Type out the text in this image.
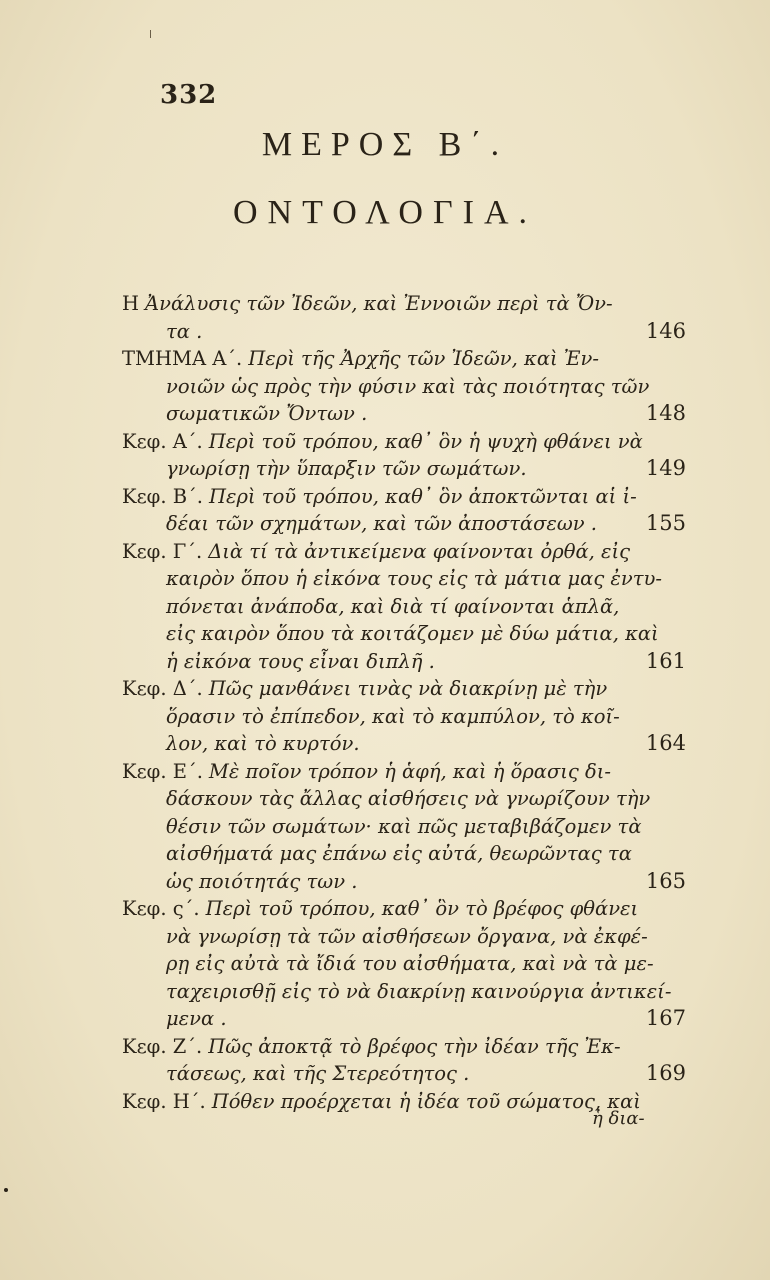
332
ΜΕΡΟΣ Β΄.
ΟΝΤΟΛΟΓΙΑ.
Η Ἀνάλυσις τῶν Ἰδεῶν, καὶ Ἐννοιῶν περὶ τὰ Ὄν-
τα .	146
ΤΜΗΜΑ Α΄. Περὶ τῆς Ἀρχῆς τῶν Ἰδεῶν, καὶ Ἐν-
νοιῶν ὡς πρὸς τὴν φύσιν καὶ τὰς ποιότητας τῶν
σωματικῶν Ὄντων .	148
Κεφ. Α΄. Περὶ τοῦ τρόπου, καθ᾽ ὃν ἡ ψυχὴ φθάνει νὰ
γνωρίσῃ τὴν ὕπαρξιν τῶν σωμάτων.	149
Κεφ. Β΄. Περὶ τοῦ τρόπου, καθ᾽ ὃν ἀποκτῶνται αἱ ἰ-
δέαι τῶν σχημάτων, καὶ τῶν ἀποστάσεων .	155
Κεφ. Γ΄. Διὰ τί τὰ ἀντικείμενα φαίνονται ὀρθά, εἰς
καιρὸν ὅπου ἡ εἰκόνα τους εἰς τὰ μάτια μας ἐντυ-
πόνεται ἀνάποδα, καὶ διὰ τί φαίνονται ἁπλᾶ,
εἰς καιρὸν ὅπου τὰ κοιτάζομεν μὲ δύω μάτια, καὶ
ἡ εἰκόνα τους εἶναι διπλῆ .	161
Κεφ. Δ΄. Πῶς μανθάνει τινὰς νὰ διακρίνῃ μὲ τὴν
ὅρασιν τὸ ἐπίπεδον, καὶ τὸ καμπύλον, τὸ κοῖ-
λον, καὶ τὸ κυρτόν.	164
Κεφ. Ε΄. Μὲ ποῖον τρόπον ἡ ἁφή, καὶ ἡ ὅρασις δι-
δάσκουν τὰς ἄλλας αἰσθήσεις νὰ γνωρίζουν τὴν
θέσιν τῶν σωμάτων· καὶ πῶς μεταβιβάζομεν τὰ
αἰσθήματά μας ἐπάνω εἰς αὐτά, θεωρῶντας τα
ὡς ποιότητάς των .	165
Κεφ. ς΄. Περὶ τοῦ τρόπου, καθ᾽ ὃν τὸ βρέφος φθάνει
νὰ γνωρίσῃ τὰ τῶν αἰσθήσεων ὄργανα, νὰ ἐκφέ-
ρῃ εἰς αὐτὰ τὰ ἴδιά του αἰσθήματα, καὶ νὰ τὰ με-
ταχειρισθῇ εἰς τὸ νὰ διακρίνῃ καινούργια ἀντικεί-
μενα .	167
Κεφ. Ζ΄. Πῶς ἀποκτᾷ τὸ βρέφος τὴν ἰδέαν τῆς Ἐκ-
τάσεως, καὶ τῆς Στερεότητος .	169
Κεφ. Η΄. Πόθεν προέρχεται ἡ ἰδέα τοῦ σώματος, καὶ
ἡ δια-
